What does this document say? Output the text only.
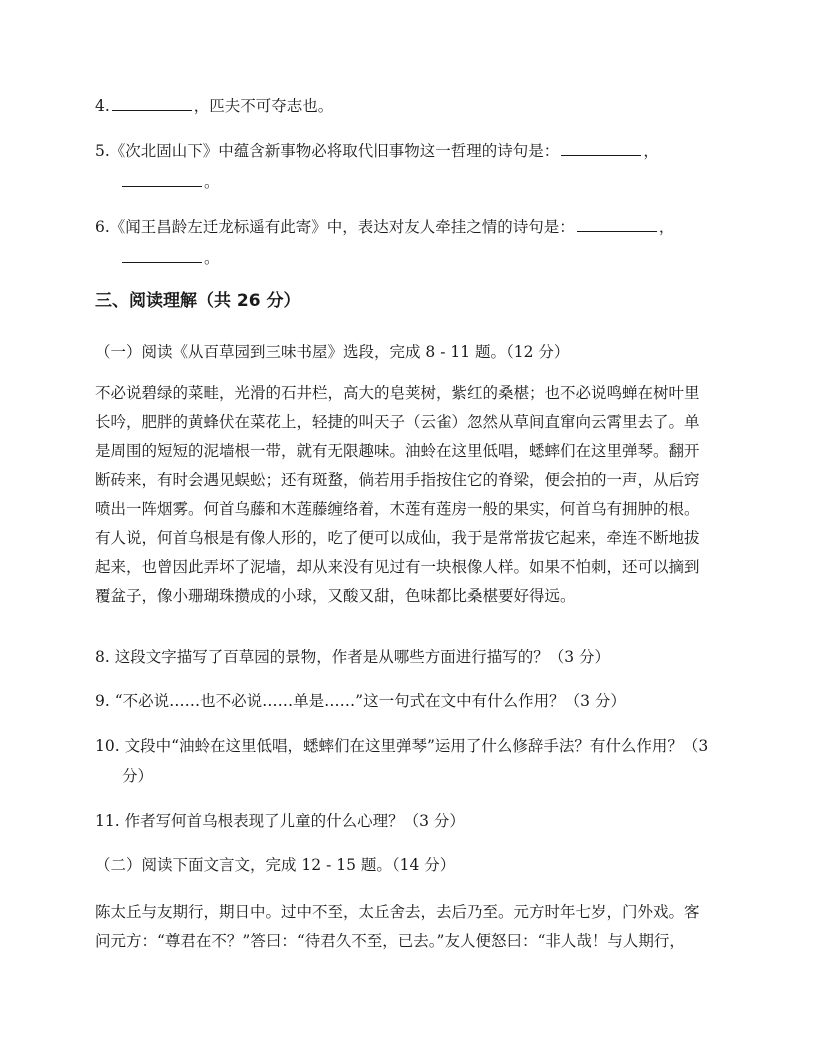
4.	，匹夫不可夺志也。
5.《次北固山下》中蕴含新事物必将取代旧事物这一哲理的诗句是：	，
。
6.《闻王昌龄左迁龙标遥有此寄》中，表达对友人牵挂之情的诗句是：	，
。
三、阅读理解（共 26 分）
（一）阅读《从百草园到三味书屋》选段，完成 8 - 11 题。（12 分）

不必说碧绿的菜畦，光滑的石井栏，高大的皂荚树，紫红的桑椹；也不必说鸣蝉在树叶里

长吟，肥胖的黄蜂伏在菜花上，轻捷的叫天子（云雀）忽然从草间直窜向云霄里去了。单

是周围的短短的泥墙根一带，就有无限趣味。油蛉在这里低唱，蟋蟀们在这里弹琴。翻开

断砖来，有时会遇见蜈蚣；还有斑蝥，倘若用手指按住它的脊梁，便会拍的一声，从后窍

喷出一阵烟雾。何首乌藤和木莲藤缠络着，木莲有莲房一般的果实，何首乌有拥肿的根。

有人说，何首乌根是有像人形的，吃了便可以成仙，我于是常常拔它起来，牵连不断地拔

起来，也曾因此弄坏了泥墙，却从来没有见过有一块根像人样。如果不怕刺，还可以摘到

覆盆子，像小珊瑚珠攒成的小球，又酸又甜，色味都比桑椹要好得远。

8. 这段文字描写了百草园的景物，作者是从哪些方面进行描写的？（3 分）
9. “不必说……也不必说……单是……”这一句式在文中有什么作用？（3 分）
10. 文段中“油蛉在这里低唱，蟋蟀们在这里弹琴”运用了什么修辞手法？有什么作用？（3
分）
11. 作者写何首乌根表现了儿童的什么心理？（3 分）
（二）阅读下面文言文，完成 12 - 15 题。（14 分）

陈太丘与友期行，期日中。过中不至，太丘舍去，去后乃至。元方时年七岁，门外戏。客

问元方：“尊君在不？”答曰：“待君久不至，已去。”友人便怒曰：“非人哉！与人期行，
